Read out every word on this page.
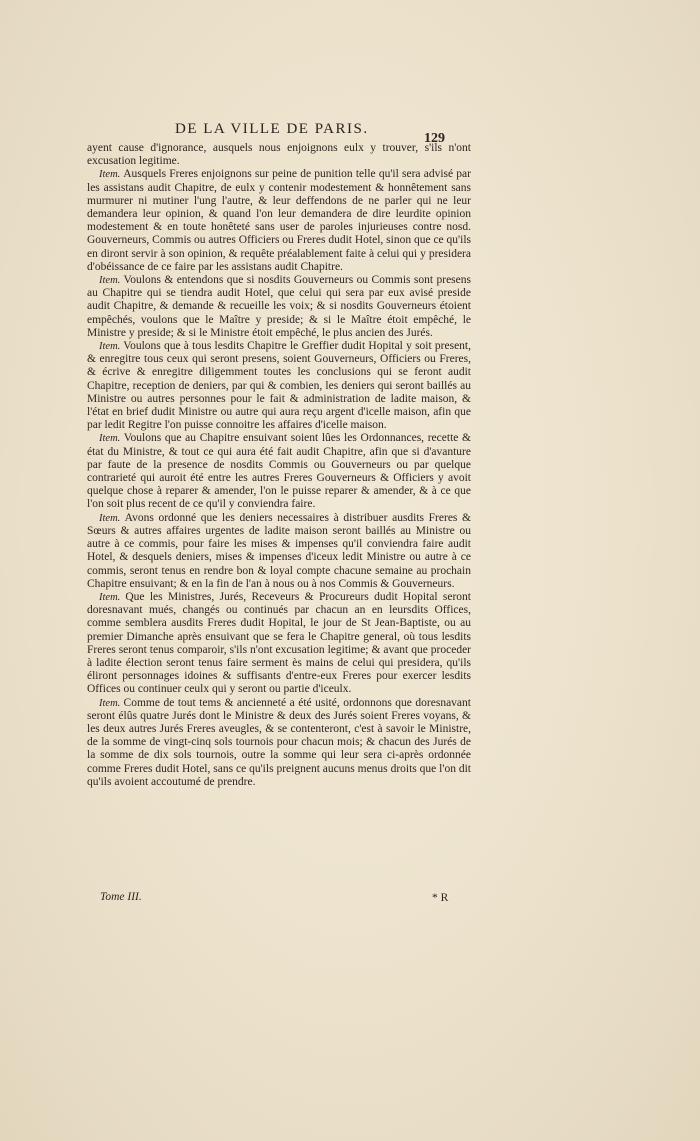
DE LA VILLE DE PARIS.
129

ayent cause d'ignorance, ausquels nous enjoignons eulx y trouver, s'ils n'ont excusation legitime.

Item. Ausquels Freres enjoignons sur peine de punition telle qu'il sera advisé par les assistans audit Chapitre, de eulx y contenir modestement & honnêtement sans murmurer ni mutiner l'ung l'autre, & leur deffendons de ne parler qui ne leur demandera leur opinion, & quand l'on leur demandera de dire leurdite opinion modestement & en toute honêteté sans user de paroles injurieuses contre nosd. Gouverneurs, Commis ou autres Officiers ou Freres dudit Hotel, sinon que ce qu'ils en diront servir à son opinion, & requête préalablement faite à celui qui y presidera d'obéissance de ce faire par les assistans audit Chapitre.

Item. Voulons & entendons que si nosdits Gouverneurs ou Commis sont presens au Chapitre qui se tiendra audit Hotel, que celui qui sera par eux avisé preside audit Chapitre, & demande & recueille les voix; & si nosdits Gouverneurs étoient empêchés, voulons que le Maître y preside; & si le Maître étoit empêché, le Ministre y preside; & si le Ministre étoit empêché, le plus ancien des Jurés.

Item. Voulons que à tous lesdits Chapitre le Greffier dudit Hopital y soit present, & enregitre tous ceux qui seront presens, soient Gouverneurs, Officiers ou Freres, & écrive & enregitre diligemment toutes les conclusions qui se feront audit Chapitre, reception de deniers, par qui & combien, les deniers qui seront baillés au Ministre ou autres personnes pour le fait & administration de ladite maison, & l'état en brief dudit Ministre ou autre qui aura reçu argent d'icelle maison, afin que par ledit Regitre l'on puisse connoitre les affaires d'icelle maison.

Item. Voulons que au Chapitre ensuivant soient lûes les Ordonnances, recette & état du Ministre, & tout ce qui aura été fait audit Chapitre, afin que si d'avanture par faute de la presence de nosdits Commis ou Gouverneurs ou par quelque contrarieté qui auroit été entre les autres Freres Gouverneurs & Officiers y avoit quelque chose à reparer & amender, l'on le puisse reparer & amender, & à ce que l'on soit plus recent de ce qu'il y conviendra faire.

Item. Avons ordonné que les deniers necessaires à distribuer ausdits Freres & Sœurs & autres affaires urgentes de ladite maison seront baillés au Ministre ou autre à ce commis, pour faire les mises & impenses qu'il conviendra faire audit Hotel, & desquels deniers, mises & impenses d'iceux ledit Ministre ou autre à ce commis, seront tenus en rendre bon & loyal compte chacune semaine au prochain Chapitre ensuivant; & en la fin de l'an à nous ou à nos Commis & Gouverneurs.

Item. Que les Ministres, Jurés, Receveurs & Procureurs dudit Hopital seront doresnavant mués, changés ou continués par chacun an en leursdits Offices, comme semblera ausdits Freres dudit Hopital, le jour de St Jean-Baptiste, ou au premier Dimanche après ensuivant que se fera le Chapitre general, où tous lesdits Freres seront tenus comparoir, s'ils n'ont excusation legitime; & avant que proceder à ladite élection seront tenus faire serment ès mains de celui qui presidera, qu'ils éliront personnages idoines & suffisants d'entre-eux Freres pour exercer lesdits Offices ou continuer ceulx qui y seront ou partie d'iceulx.

Item. Comme de tout tems & ancienneté a été usité, ordonnons que doresnavant seront élûs quatre Jurés dont le Ministre & deux des Jurés soient Freres voyans, & les deux autres Jurés Freres aveugles, & se contenteront, c'est à savoir le Ministre, de la somme de vingt-cinq sols tournois pour chacun mois; & chacun des Jurés de la somme de dix sols tournois, outre la somme qui leur sera ci-après ordonnée comme Freres dudit Hotel, sans ce qu'ils preignent aucuns menus droits que l'on dit qu'ils avoient accoutumé de prendre.

Tome III.	* R
